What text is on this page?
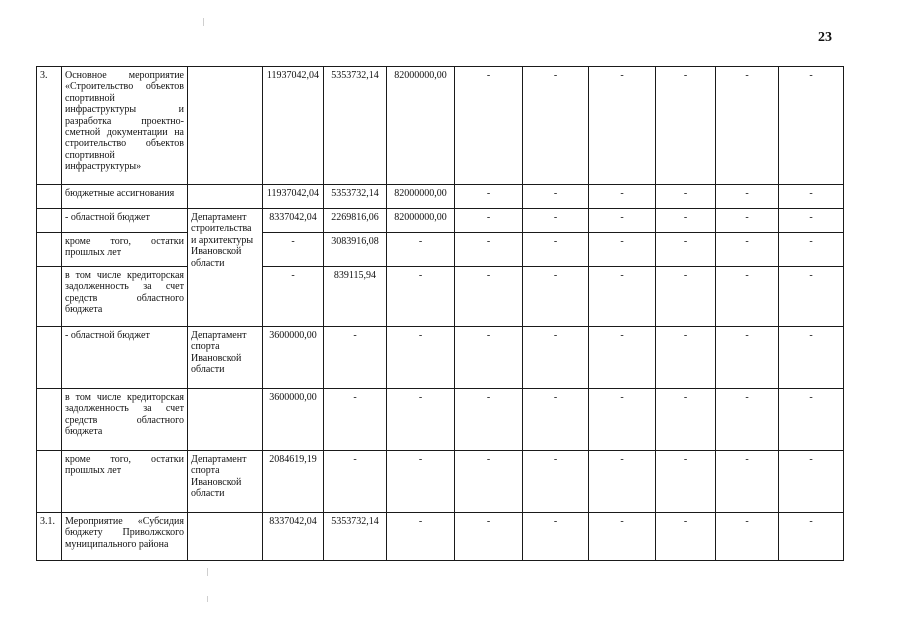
23
3.	Основное мероприятие «Строительство объектов спортивной инфраструктуры и разработка проектно-сметной документации на строительство объектов спортивной инфраструктуры»		11937042,04	5353732,14	82000000,00	-	-	-	-	-	-
	бюджетные ассигнования		11937042,04	5353732,14	82000000,00	-	-	-	-	-	-
	- областной бюджет	Департамент строительства и архитектуры Ивановской области	8337042,04	2269816,06	82000000,00	-	-	-	-	-	-
	кроме того, остатки прошлых лет		-	3083916,08	-	-	-	-	-	-	-
	в том числе кредиторская задолженность за счет средств областного бюджета		-	839115,94	-	-	-	-	-	-	-
	- областной бюджет	Департамент спорта Ивановской области	3600000,00	-	-	-	-	-	-	-	-
	в том числе кредиторская задолженность за счет средств областного бюджета		3600000,00	-	-	-	-	-	-	-	-
	кроме того, остатки прошлых лет	Департамент спорта Ивановской области	2084619,19	-	-	-	-	-	-	-	-
3.1.	Мероприятие «Субсидия бюджету Приволжского муниципального района		8337042,04	5353732,14	-	-	-	-	-	-	-
